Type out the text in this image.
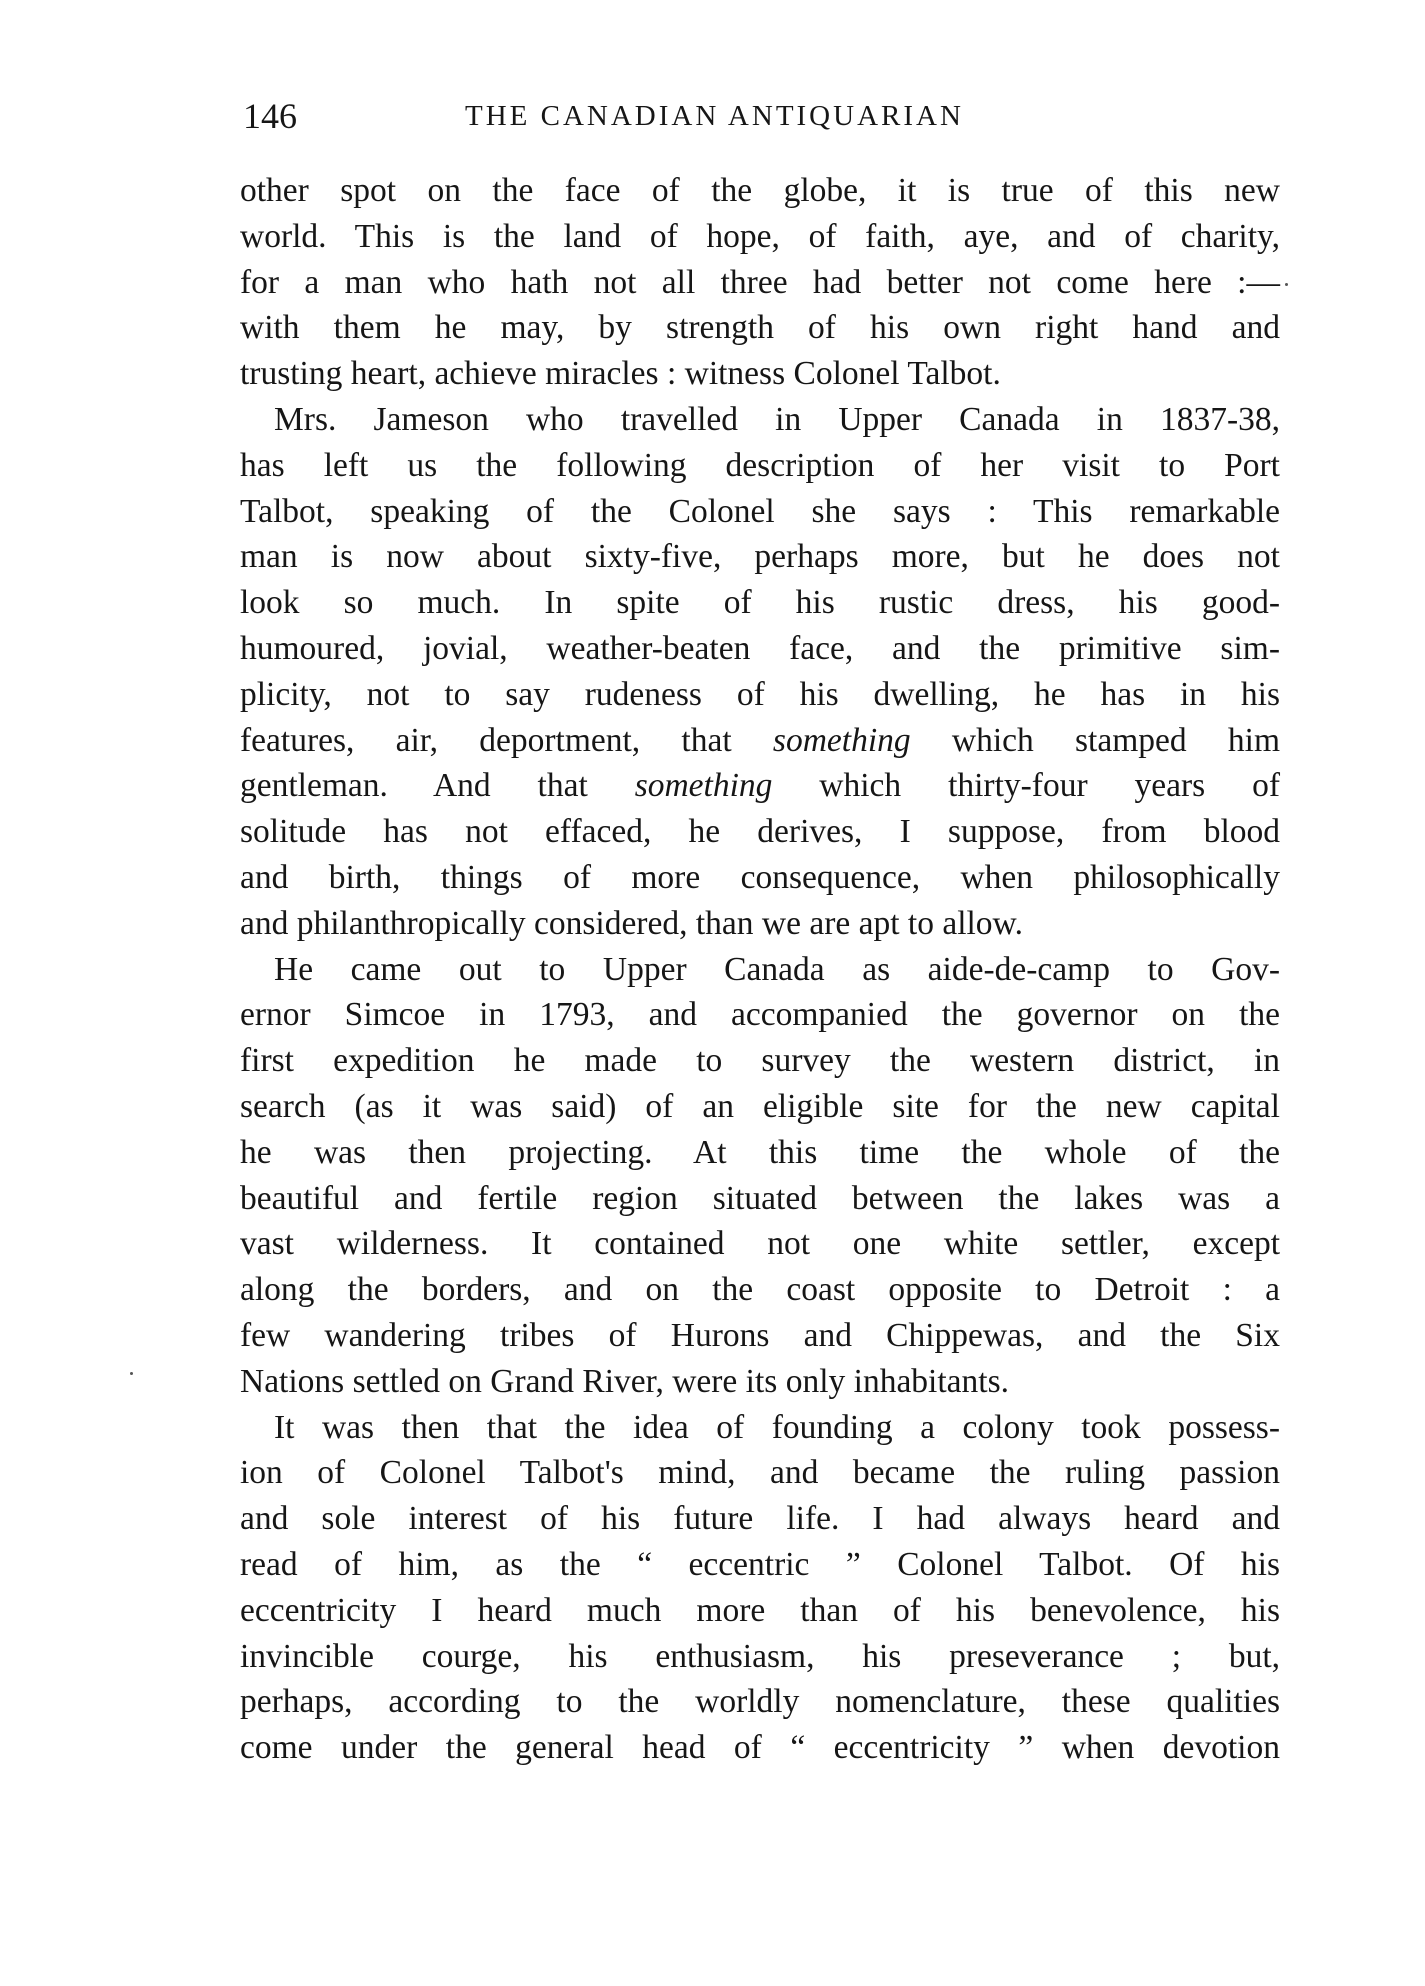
146	THE CANADIAN ANTIQUARIAN
other spot on the face of the globe, it is true of this new
world. This is the land of hope, of faith, aye, and of charity,
for a man who hath not all three had better not come here :—
with them he may, by strength of his own right hand and
trusting heart, achieve miracles : witness Colonel Talbot.
Mrs. Jameson who travelled in Upper Canada in 1837-38,
has left us the following description of her visit to Port
Talbot, speaking of the Colonel she says : This remarkable
man is now about sixty-five, perhaps more, but he does not
look so much. In spite of his rustic dress, his good-
humoured, jovial, weather-beaten face, and the primitive sim-
plicity, not to say rudeness of his dwelling, he has in his
features, air, deportment, that something which stamped him
gentleman. And that something which thirty-four years of
solitude has not effaced, he derives, I suppose, from blood
and birth, things of more consequence, when philosophically
and philanthropically considered, than we are apt to allow.
He came out to Upper Canada as aide-de-camp to Gov-
ernor Simcoe in 1793, and accompanied the governor on the
first expedition he made to survey the western district, in
search (as it was said) of an eligible site for the new capital
he was then projecting. At this time the whole of the
beautiful and fertile region situated between the lakes was a
vast wilderness. It contained not one white settler, except
along the borders, and on the coast opposite to Detroit : a
few wandering tribes of Hurons and Chippewas, and the Six
Nations settled on Grand River, were its only inhabitants.
It was then that the idea of founding a colony took possess-
ion of Colonel Talbot's mind, and became the ruling passion
and sole interest of his future life. I had always heard and
read of him, as the “ eccentric ” Colonel Talbot. Of his
eccentricity I heard much more than of his benevolence, his
invincible courge, his enthusiasm, his preseverance ; but,
perhaps, according to the worldly nomenclature, these qualities
come under the general head of “ eccentricity ” when devotion
